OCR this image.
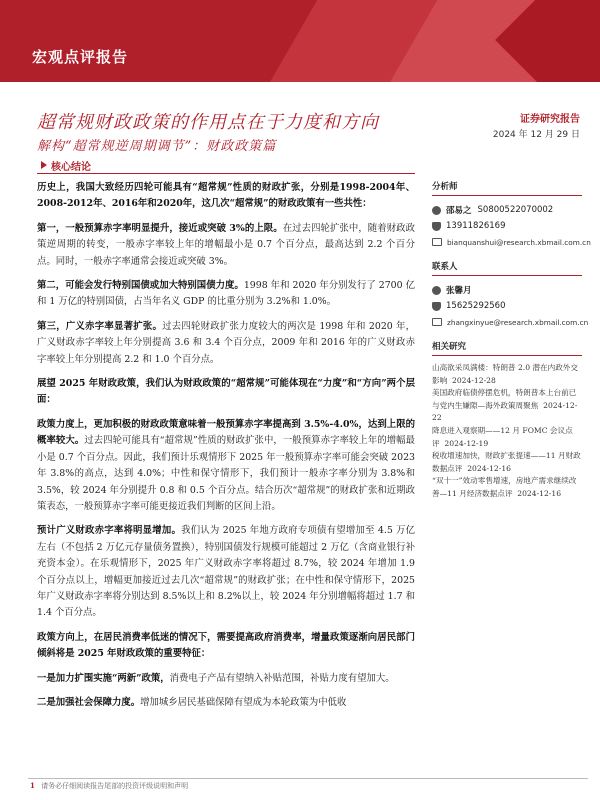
宏观点评报告
超常规财政政策的作用点在于力度和方向
解构“超常规逆周期调节”：财政政策篇
证券研究报告
2024 年 12 月 29 日
核心结论

历史上，我国大致经历四轮可能具有“超常规”性质的财政扩张，分别是1998-2004年、2008-2012年、2016年和2020年，这几次“超常规”的财政政策有一些共性：

第一，一般预算赤字率明显提升，接近或突破 3%的上限。在过去四轮扩张中，随着财政政策逆周期的转变，一般赤字率较上年的增幅最小是 0.7 个百分点，最高达到 2.2 个百分点。同时，一般赤字率通常会接近或突破 3%。

第二，可能会发行特别国债或加大特别国债力度。1998 年和 2020 年分别发行了 2700 亿和 1 万亿的特别国债，占当年名义 GDP 的比重分别为 3.2%和 1.0%。

第三，广义赤字率显著扩张。过去四轮财政扩张力度较大的两次是 1998 年和 2020 年，广义财政赤字率较上年分别提高 3.6 和 3.4 个百分点，2009 年和 2016 年的广义财政赤字率较上年分别提高 2.2 和 1.0 个百分点。

展望 2025 年财政政策，我们认为财政政策的“超常规”可能体现在“力度”和“方向”两个层面：

政策力度上，更加积极的财政政策意味着一般预算赤字率提高到 3.5%-4.0%，达到上限的概率较大。过去四轮可能具有“超常规”性质的财政扩张中，一般预算赤字率较上年的增幅最小是 0.7 个百分点。因此，我们预计乐观情形下 2025 年一般预算赤字率可能会突破 2023 年 3.8%的高点，达到 4.0%；中性和保守情形下，我们预计一般赤字率分别为 3.8%和 3.5%，较 2024 年分别提升 0.8 和 0.5 个百分点。结合历次“超常规”的财政扩张和近期政策表态，一般预算赤字率可能更接近我们判断的区间上沿。

预计广义财政赤字率将明显增加。我们认为 2025 年地方政府专项债有望增加至 4.5 万亿左右（不包括 2 万亿元存量债务置换），特别国债发行规模可能超过 2 万亿（含商业银行补充资本金）。在乐观情形下，2025 年广义财政赤字率将超过 8.7%，较 2024 年增加 1.9 个百分点以上，增幅更加接近过去几次“超常规”的财政扩张；在中性和保守情形下，2025 年广义财政赤字率将分别达到 8.5%以上和 8.2%以上，较 2024 年分别增幅将超过 1.7 和 1.4 个百分点。

政策方向上，在居民消费率低迷的情况下，需要提高政府消费率，增量政策逐渐向居民部门倾斜将是 2025 年财政政策的重要特征：

一是加力扩围实施“两新”政策，消费电子产品有望纳入补贴范围，补贴力度有望加大。

二是加强社会保障力度。增加城乡居民基础保障有望成为本轮政策为中低收

分析师
邵易之 S0800522070002
13911826169
bianquanshui@research.xbmail.com.cn
联系人
张馨月
15625292560
zhangxinyue@research.xbmail.com.cn
相关研究
山高欲采凤满楼：特朗普 2.0 潜在内政外交影响 2024-12-28
美国政府临债停摆危机，特朗普本上台前已与党内生嫌隙—海外政策周聚焦 2024-12-22
降息进入观察期——12 月 FOMC 会议点评 2024-12-19
税收增速加快，财政扩张提速——11 月财政数据点评 2024-12-16
“双十一”效动零售增速，房地产需求继续改善—11 月经济数据点评 2024-12-16
1 请务必仔细阅读报告尾部的投资评级说明和声明
